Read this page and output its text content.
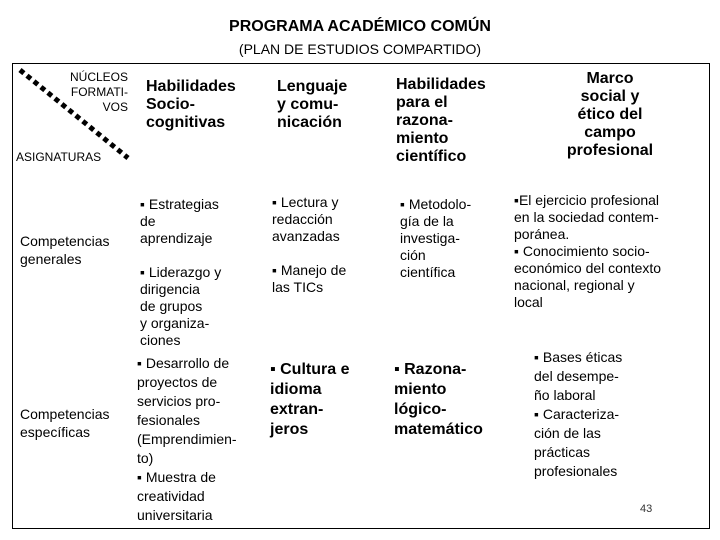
PROGRAMA ACADÉMICO COMÚN
(PLAN DE ESTUDIOS COMPARTIDO)
NÚCLEOS
FORMATI-
VOS
ASIGNATURAS
Habilidades
Socio-
cognitivas
Lenguaje
y comu-
nicación
Habilidades
para el
razona-
miento
científico
Marco
social y
ético del
campo
profesional
Competencias
generales
Competencias
específicas
▪ Estrategias
de
aprendizaje

▪ Liderazgo y
dirigencia
de grupos
y organiza-
ciones
▪ Lectura y
redacción
avanzadas

▪ Manejo de
las TICs
▪ Metodolo-
gía de la
investiga-
ción
científica
▪El ejercicio profesional
en la sociedad contem-
poránea.
▪ Conocimiento socio-
económico del contexto
nacional, regional y
local
▪ Desarrollo de
proyectos de
servicios pro-
fesionales
(Emprendimien-
to)
▪ Muestra de
creatividad
universitaria
▪ Cultura e
idioma
extran-
jeros
▪ Razona-
miento
lógico-
matemático
▪ Bases éticas
del desempe-
ño laboral
▪ Caracteriza-
ción de las
prácticas
profesionales
43
